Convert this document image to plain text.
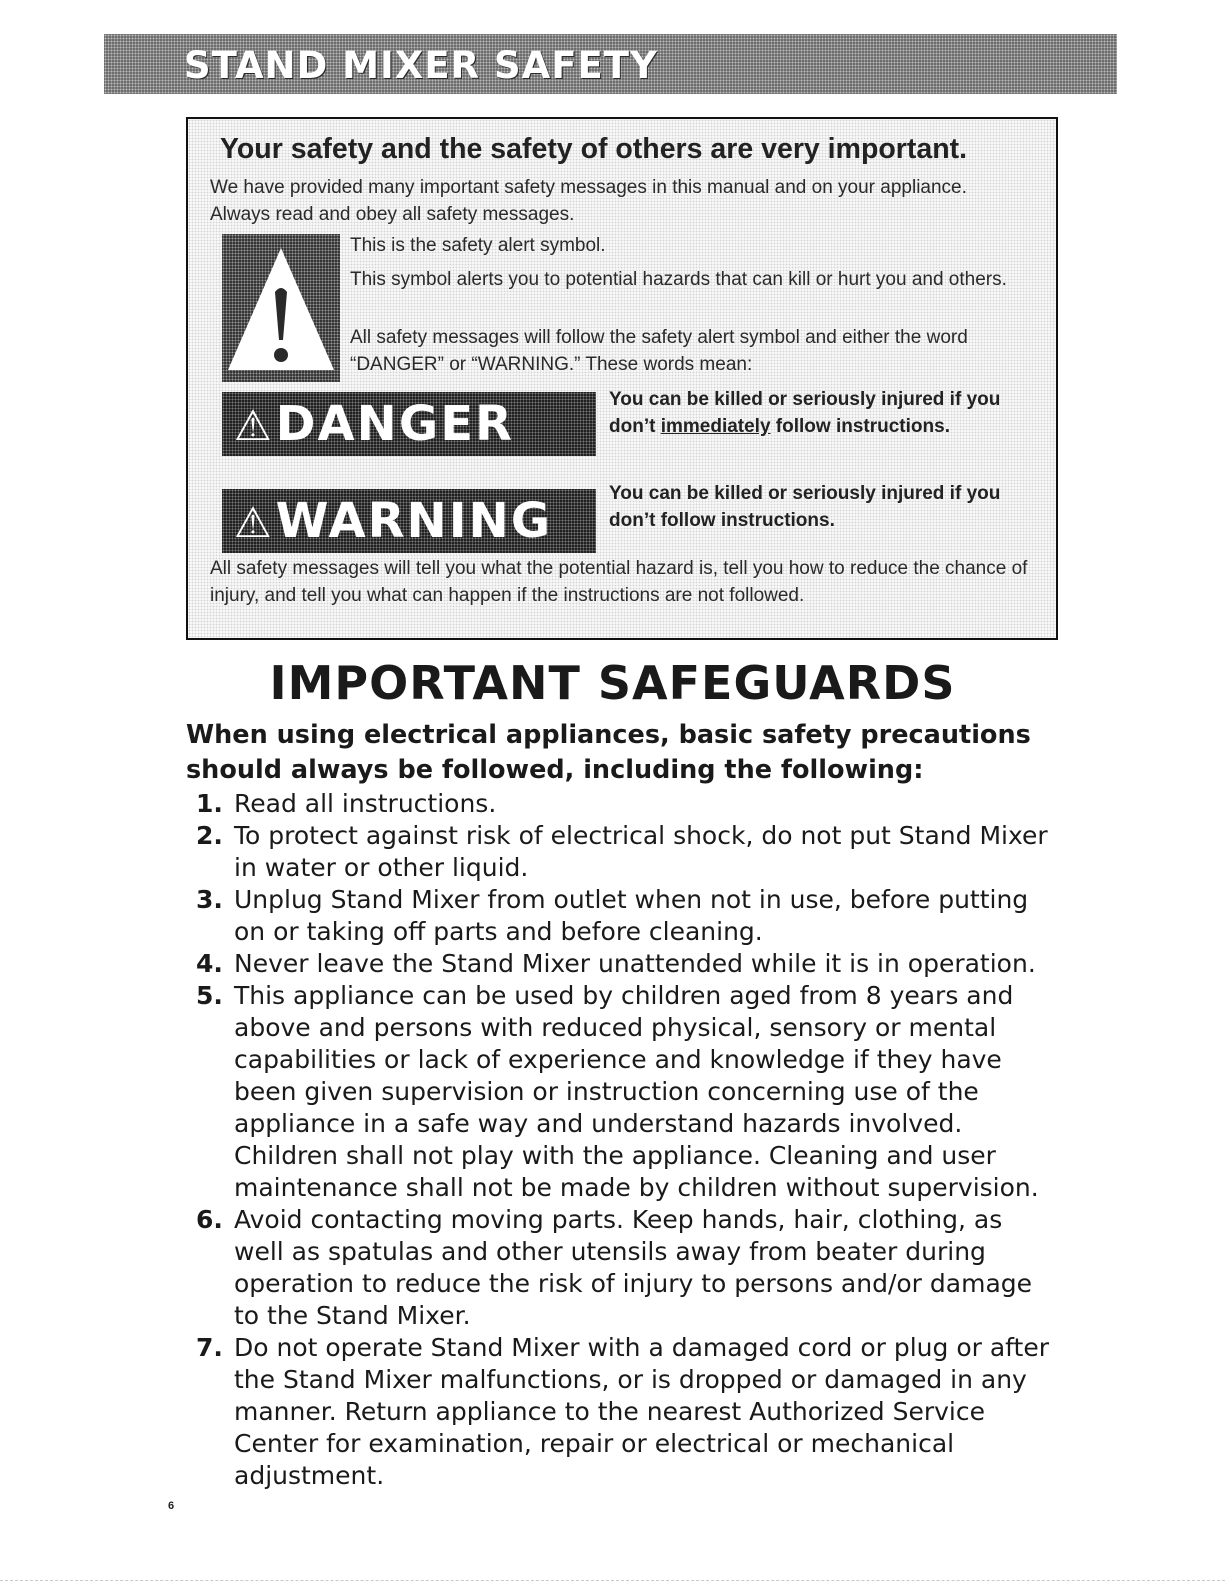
STAND MIXER SAFETY
Your safety and the safety of others are very important.
We have provided many important safety messages in this manual and on your appliance. Always read and obey all safety messages.
This is the safety alert symbol.
This symbol alerts you to potential hazards that can kill or hurt you and others.
All safety messages will follow the safety alert symbol and either the word “DANGER” or “WARNING.” These words mean:
⚠DANGER	You can be killed or seriously injured if you don’t immediately follow instructions.
⚠WARNING	You can be killed or seriously injured if you don’t follow instructions.
All safety messages will tell you what the potential hazard is, tell you how to reduce the chance of injury, and tell you what can happen if the instructions are not followed.
IMPORTANT SAFEGUARDS
When using electrical appliances, basic safety precautions should always be followed, including the following:
1. Read all instructions.
2. To protect against risk of electrical shock, do not put Stand Mixer in water or other liquid.
3. Unplug Stand Mixer from outlet when not in use, before putting on or taking off parts and before cleaning.
4. Never leave the Stand Mixer unattended while it is in operation.
5. This appliance can be used by children aged from 8 years and above and persons with reduced physical, sensory or mental capabilities or lack of experience and knowledge if they have been given supervision or instruction concerning use of the appliance in a safe way and understand hazards involved. Children shall not play with the appliance. Cleaning and user maintenance shall not be made by children without supervision.
6. Avoid contacting moving parts. Keep hands, hair, clothing, as well as spatulas and other utensils away from beater during operation to reduce the risk of injury to persons and/or damage to the Stand Mixer.
7. Do not operate Stand Mixer with a damaged cord or plug or after the Stand Mixer malfunctions, or is dropped or damaged in any manner. Return appliance to the nearest Authorized Service Center for examination, repair or electrical or mechanical adjustment.
6
